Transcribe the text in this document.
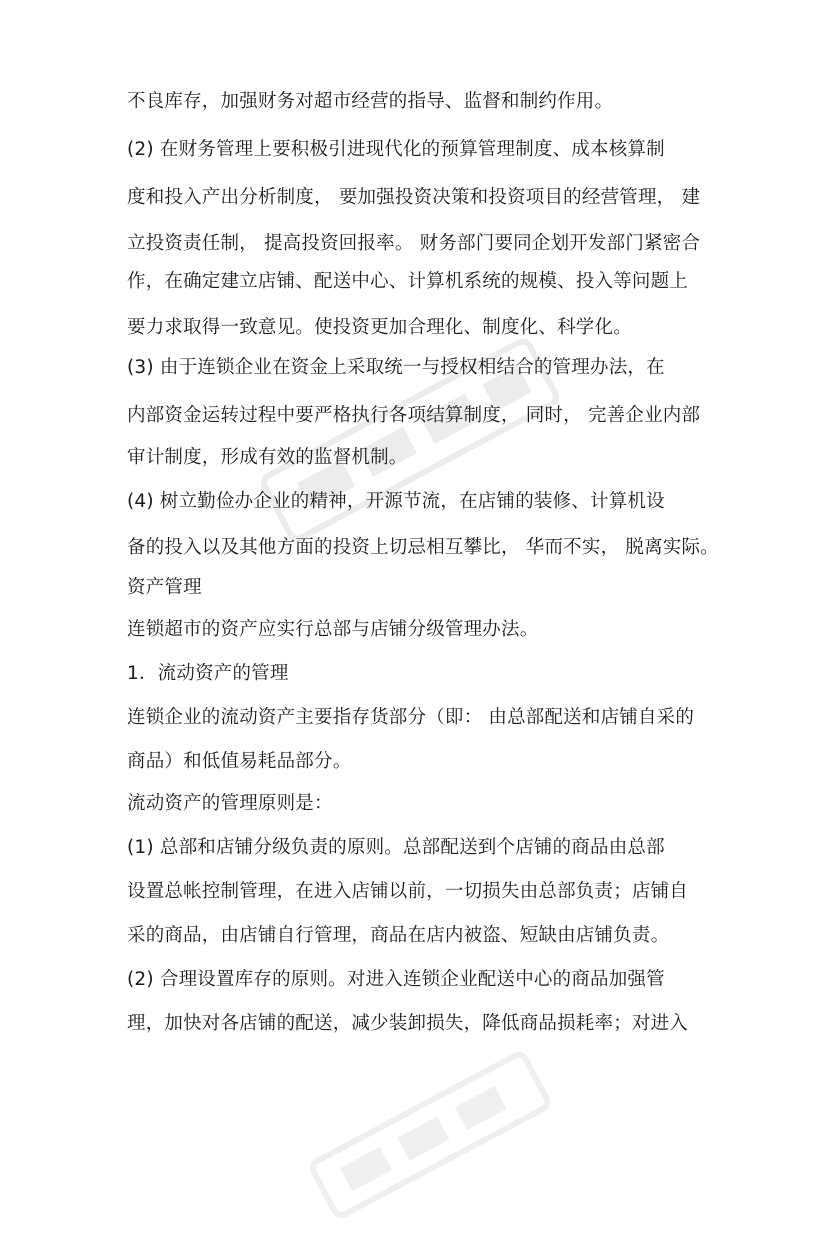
不良库存，加强财务对超市经营的指导、监督和制约作用。
(2) 在财务管理上要积极引进现代化的预算管理制度、成本核算制
度和投入产出分析制度， 要加强投资决策和投资项目的经营管理， 建
立投资责任制， 提高投资回报率。 财务部门要同企划开发部门紧密合
作，在确定建立店铺、配送中心、计算机系统的规模、投入等问题上
要力求取得一致意见。使投资更加合理化、制度化、科学化。
(3) 由于连锁企业在资金上采取统一与授权相结合的管理办法，在
内部资金运转过程中要严格执行各项结算制度， 同时， 完善企业内部
审计制度，形成有效的监督机制。
(4) 树立勤俭办企业的精神，开源节流，在店铺的装修、计算机设
备的投入以及其他方面的投资上切忌相互攀比， 华而不实， 脱离实际。
资产管理
连锁超市的资产应实行总部与店铺分级管理办法。
1．流动资产的管理
连锁企业的流动资产主要指存货部分（即： 由总部配送和店铺自采的
商品）和低值易耗品部分。
流动资产的管理原则是：
(1) 总部和店铺分级负责的原则。总部配送到个店铺的商品由总部
设置总帐控制管理，在进入店铺以前，一切损失由总部负责；店铺自
采的商品，由店铺自行管理，商品在店内被盗、短缺由店铺负责。
(2) 合理设置库存的原则。对进入连锁企业配送中心的商品加强管
理，加快对各店铺的配送，减少装卸损失，降低商品损耗率；对进入
